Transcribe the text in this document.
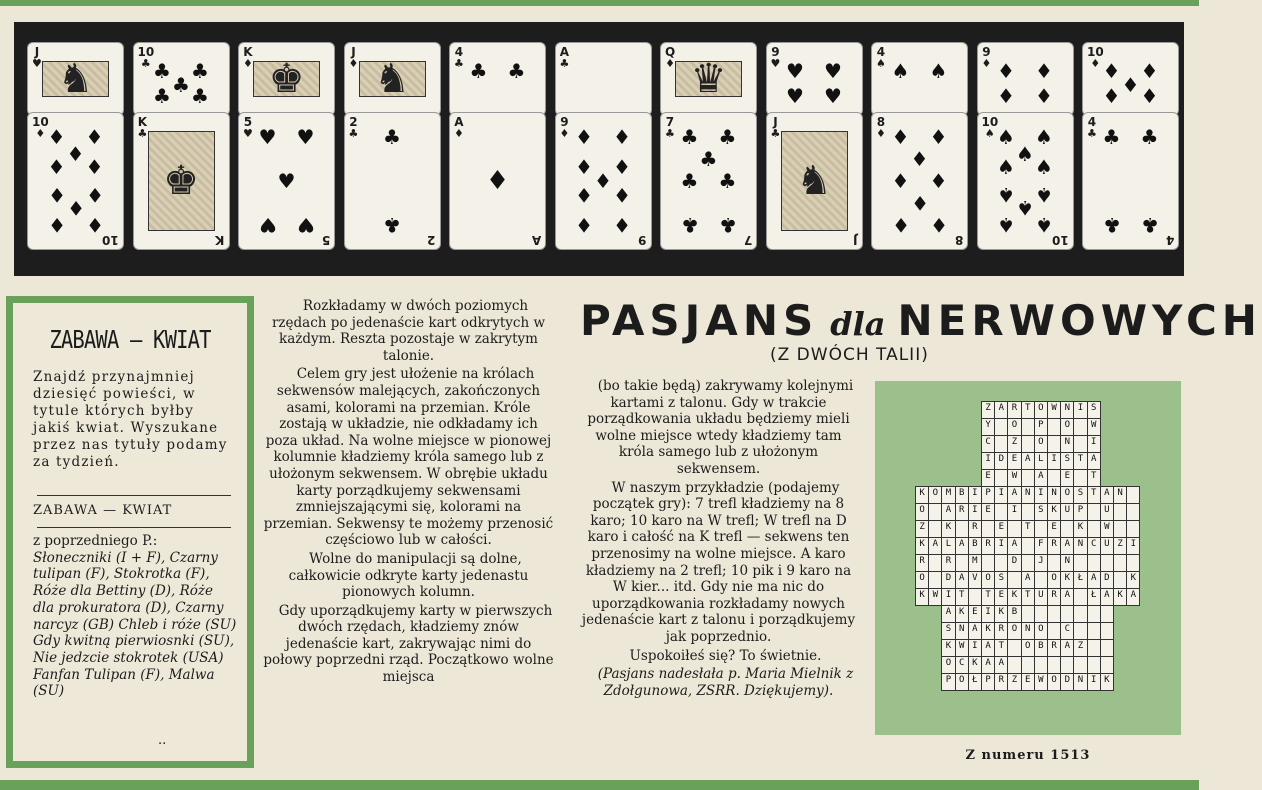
J
♥ ♞
10
♣ ♣ ♣
♣
♣ ♣
K
♦ ♚
J
♦ ♞
4
♣ ♣ ♣
A
♣
Q
♦ ♛
9
♥ ♥ ♥
♥ ♥
4
♠ ♠ ♠
9
♦ ♦ ♦
♦ ♦
10
♦ ♦ ♦
♦
♦ ♦
10
♦ ♦ ♦
♦
♦ ♦
♦ ♦
♦
♦ ♦
10
K
♣
♚
K
5
♥ ♥ ♥
♥
♥ ♥
5
2
♣ ♣
♣
2
A
♦
♦
A
9
♦ ♦ ♦
♦ ♦
♦
♦ ♦
♦ ♦
9
7
♣ ♣ ♣
♣
♣ ♣
♣ ♣
7
J
♣
♞
J
8
♦ ♦ ♦
♦
♦ ♦
♦
♦ ♦
8
10
♠ ♠ ♠
♠
♠ ♠
♠ ♠
♠
♠ ♠
10
4
♣ ♣ ♣
♣ ♣
4
ZABAWA — KWIAT
Znajdź przynajmniej dziesięć powieści, w tytule których byłby jakiś kwiat. Wyszukane przez nas tytuły podamy za tydzień.
ZABAWA — KWIAT
z poprzedniego P.: Słoneczniki (I + F), Czarny tulipan (F), Stokrotka (F), Róże dla Bettiny (D), Róże dla prokuratora (D), Czarny narcyz (GB) Chleb i róże (SU) Gdy kwitną pierwiosnki (SU), Nie jedzcie stokrotek (USA) Fanfan Tulipan (F), Malwa (SU)
..

Rozkładamy w dwóch poziomych rzędach po jedenaście kart odkrytych w każdym. Reszta pozostaje w zakrytym talonie.

Celem gry jest ułożenie na królach sekwensów malejących, zakończonych asami, kolorami na przemian. Króle zostają w układzie, nie odkładamy ich poza układ. Na wolne miejsce w pionowej kolumnie kładziemy króla samego lub z ułożonym sekwensem. W obrębie układu karty porządkujemy sekwensami zmniejszającymi się, kolorami na przemian. Sekwensy te możemy przenosić częściowo lub w całości.

Wolne do manipulacji są dolne, całkowicie odkryte karty jedenastu pionowych kolumn.

Gdy uporządkujemy karty w pierwszych dwóch rzędach, kładziemy znów jedenaście kart, zakrywając nimi do połowy poprzedni rząd. Początkowo wolne miejsca

PASJANS dla NERWOWYCH
(Z DWÓCH TALII)

(bo takie będą) zakrywamy kolejnymi kartami z talonu. Gdy w trakcie porządkowania układu będziemy mieli wolne miejsce wtedy kładziemy tam króla samego lub z ułożonym sekwensem.

W naszym przykładzie (podajemy początek gry): 7 trefl kładziemy na 8 karo; 10 karo na W trefl; W trefl na D karo i całość na K trefl — sekwens ten przenosimy na wolne miejsce. A karo kładziemy na 2 trefl; 10 pik i 9 karo na W kier... itd. Gdy nie ma nic do uporządkowania rozkładamy nowych jedenaście kart z talonu i porządkujemy jak poprzednio.

Uspokoiłeś się? To świetnie.

(Pasjans nadesłała p. Maria Mielnik z Zdołgunowa, ZSRR. Dziękujemy).

Z A R T O W N I S
Y	O	P	O	W
C	Z	O	N	I
I D E A L I S T A
E	W	A	E	T
K O M B I P I A N I N O S T A N
O	A R I E	I	S K U P	U
Z	K	R	E	T	E	K	W
K A L A B R I A	F R A N C U Z I
R	R	M	D	J	N
O	D A V O S	A	O K Ł A D	K
K W I T	T E K T U R A	Ł A K A
A K E I K B
S N A K R O N O	C
K W I A T	O B R A Z
O C K A A
P O Ł P R Z E W O D N I K
Z numeru 1513
